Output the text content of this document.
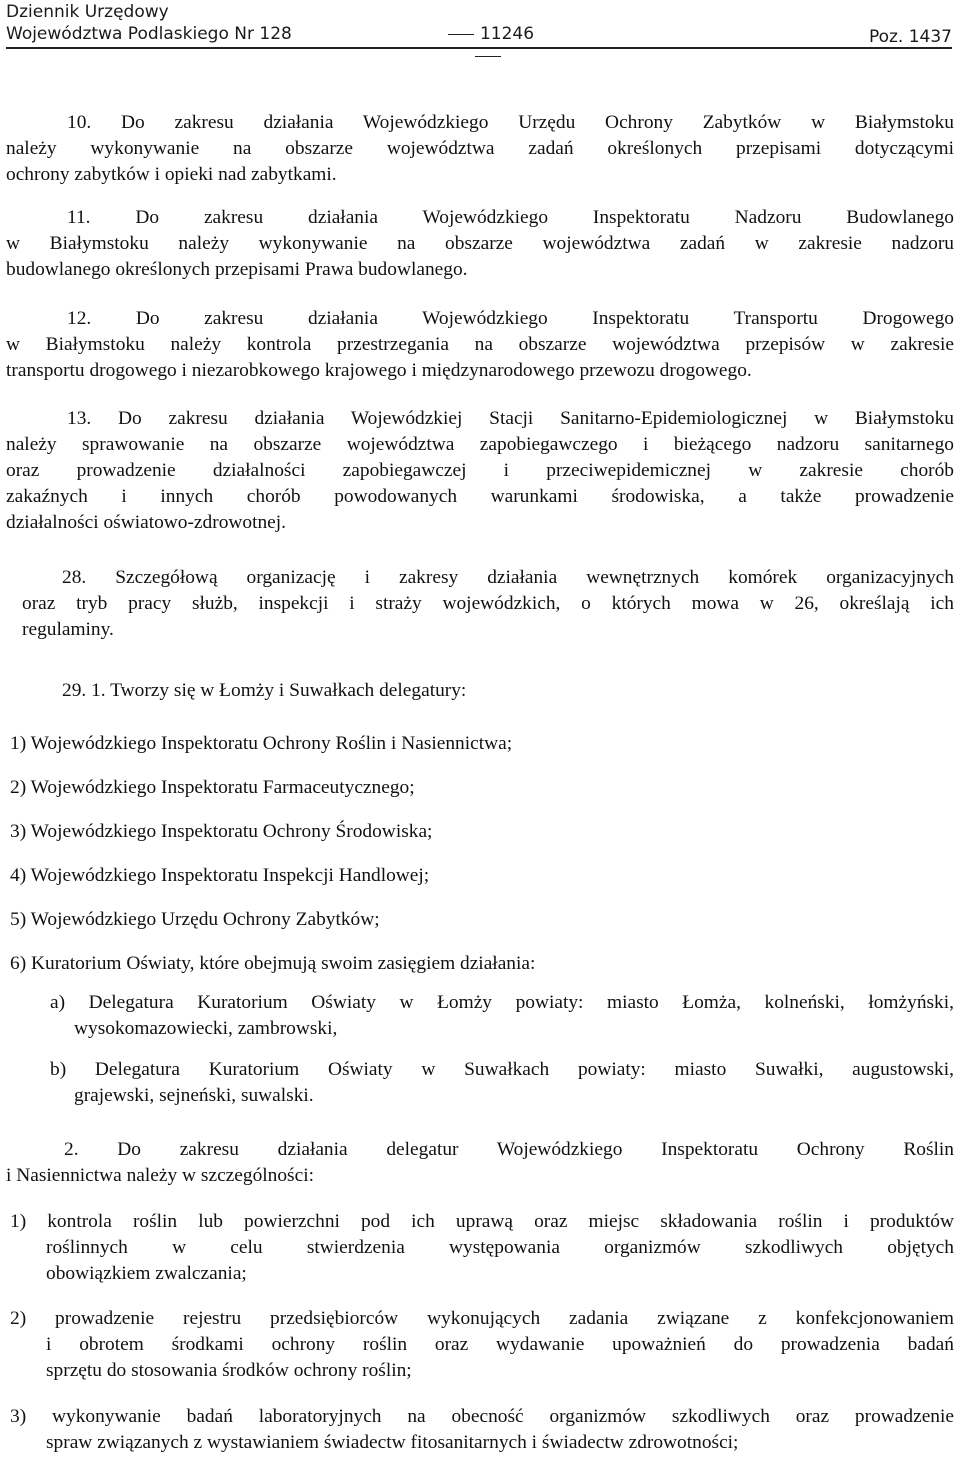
Dziennik Urzędowy
Województwa Podlaskiego Nr 128	11246	Poz. 1437
10. Do zakresu działania Wojewódzkiego Urzędu Ochrony Zabytków w Białymstoku
należy wykonywanie na obszarze województwa zadań określonych przepisami dotyczącymi
ochrony zabytków i opieki nad zabytkami.
11. Do zakresu działania Wojewódzkiego Inspektoratu Nadzoru Budowlanego
w Białymstoku należy wykonywanie na obszarze województwa zadań w zakresie nadzoru
budowlanego określonych przepisami Prawa budowlanego.
12. Do zakresu działania Wojewódzkiego Inspektoratu Transportu Drogowego
w Białymstoku należy kontrola przestrzegania na obszarze województwa przepisów w zakresie
transportu drogowego i niezarobkowego krajowego i międzynarodowego przewozu drogowego.
13. Do zakresu działania Wojewódzkiej Stacji Sanitarno-Epidemiologicznej w Białymstoku
należy sprawowanie na obszarze województwa zapobiegawczego i bieżącego nadzoru sanitarnego
oraz prowadzenie działalności zapobiegawczej i przeciwepidemicznej w zakresie chorób
zakaźnych i innych chorób powodowanych warunkami środowiska, a także prowadzenie
działalności oświatowo-zdrowotnej.
28. Szczegółową organizację i zakresy działania wewnętrznych komórek organizacyjnych
oraz tryb pracy służb, inspekcji i straży wojewódzkich, o których mowa w 26, określają ich
regulaminy.
29. 1. Tworzy się w Łomży i Suwałkach delegatury:
1) Wojewódzkiego Inspektoratu Ochrony Roślin i Nasiennictwa;
2) Wojewódzkiego Inspektoratu Farmaceutycznego;
3) Wojewódzkiego Inspektoratu Ochrony Środowiska;
4) Wojewódzkiego Inspektoratu Inspekcji Handlowej;
5) Wojewódzkiego Urzędu Ochrony Zabytków;
6) Kuratorium Oświaty, które obejmują swoim zasięgiem działania:
a) Delegatura Kuratorium Oświaty w Łomży powiaty: miasto Łomża, kolneński, łomżyński,
wysokomazowiecki, zambrowski,
b) Delegatura Kuratorium Oświaty w Suwałkach powiaty: miasto Suwałki, augustowski,
grajewski, sejneński, suwalski.
2. Do zakresu działania delegatur Wojewódzkiego Inspektoratu Ochrony Roślin
i Nasiennictwa należy w szczególności:
1) kontrola roślin lub powierzchni pod ich uprawą oraz miejsc składowania roślin i produktów
roślinnych w celu stwierdzenia występowania organizmów szkodliwych objętych
obowiązkiem zwalczania;
2) prowadzenie rejestru przedsiębiorców wykonujących zadania związane z konfekcjonowaniem
i obrotem środkami ochrony roślin oraz wydawanie upoważnień do prowadzenia badań
sprzętu do stosowania środków ochrony roślin;
3) wykonywanie badań laboratoryjnych na obecność organizmów szkodliwych oraz prowadzenie
spraw związanych z wystawianiem świadectw fitosanitarnych i świadectw zdrowotności;
